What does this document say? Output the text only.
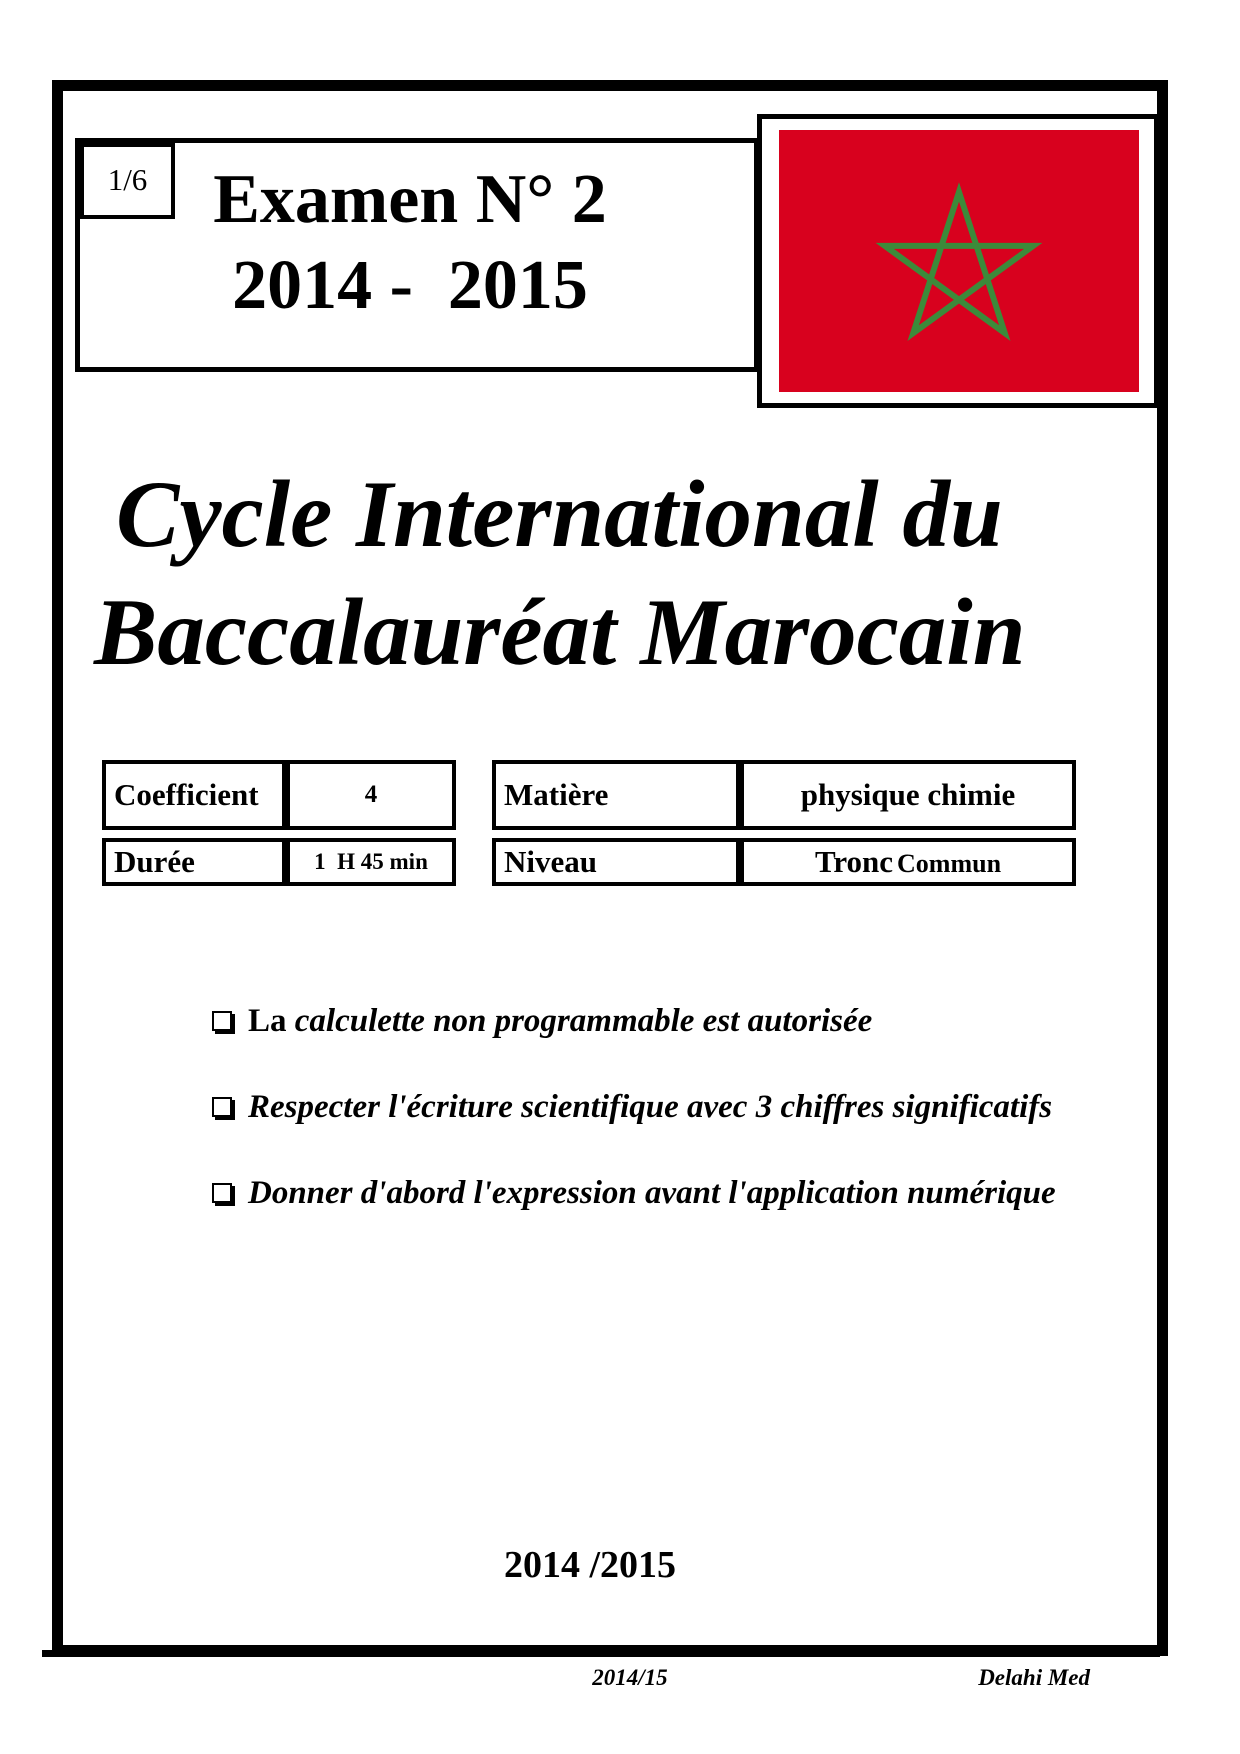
1/6 Examen N° 2
2014 -  2015
Cycle International du
Baccalauréat Marocain
Coefficient	4
Durée	1  H 45 min
Matière	physique chimie
Niveau	Tronc Commun
La calculette non programmable est autorisée
Respecter l'écriture scientifique avec 3 chiffres significatifs
Donner d'abord l'expression avant l'application numérique
2014 /2015
2014/15	Delahi Med
